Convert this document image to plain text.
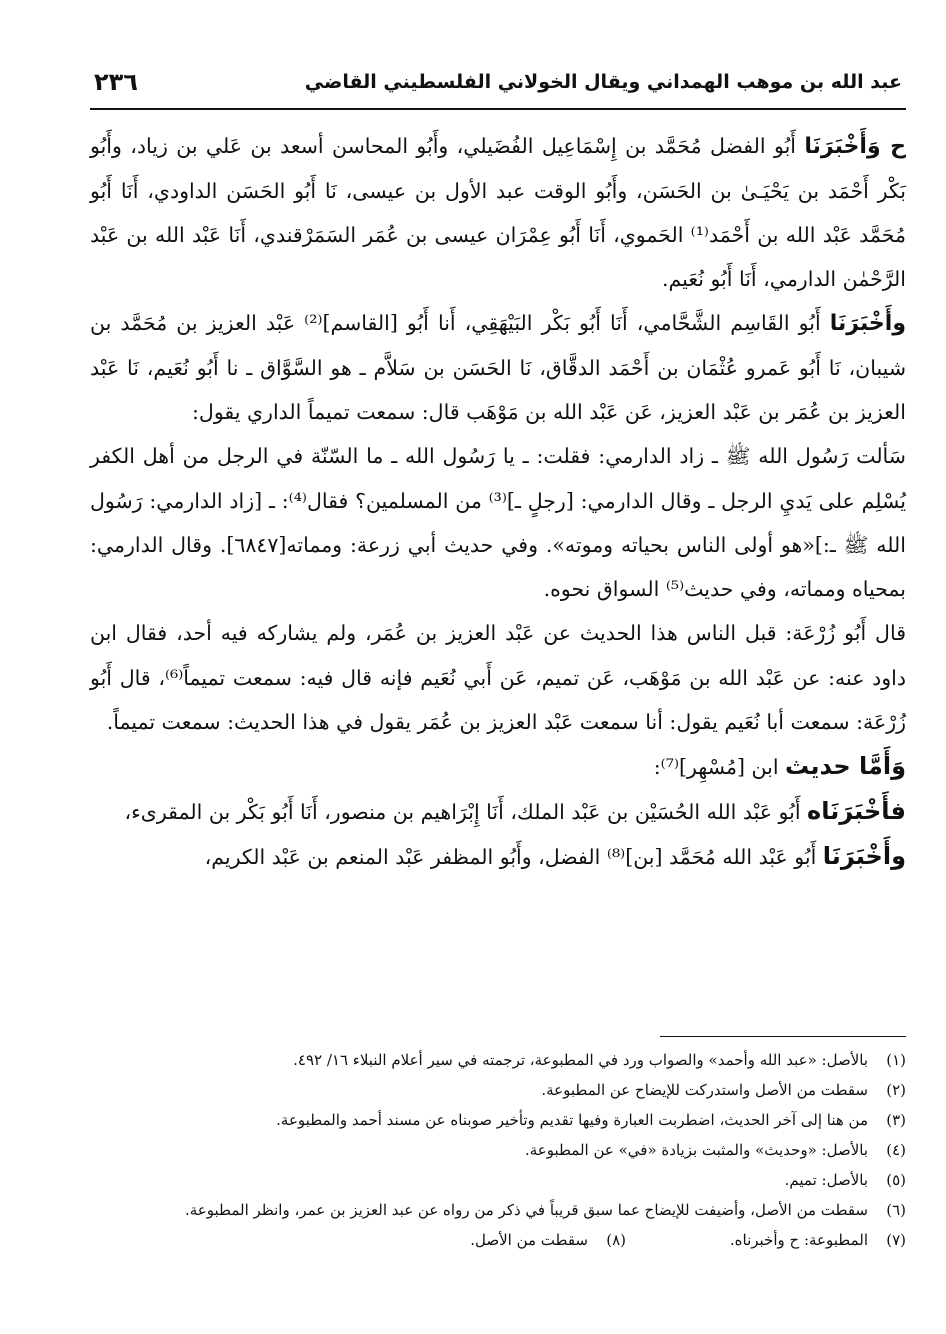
عبد الله بن موهب الهمداني ويقال الخولاني الفلسطيني القاضي
٢٣٦

ح وَأَخْبَرَنَا أَبُو الفضل مُحَمَّد بن إِسْمَاعِيل الفُضَيلي، وأَبُو المحاسن أسعد بن عَلي بن زياد، وأَبُو بَكْر أَحْمَد بن يَحْيَـىٰ بن الحَسَن، وأَبُو الوقت عبد الأول بن عيسى، نَا أَبُو الحَسَن الداودي، أَنَا أَبُو مُحَمَّد عَبْد الله بن أَحْمَد⁽¹⁾ الحَموي، أَنَا أَبُو عِمْرَان عيسى بن عُمَر السَمَرْقندي، أَنَا عَبْد الله بن عَبْد الرَّحْمٰن الدارمي، أَنَا أَبُو نُعَيم.

وأَخْبَرَنَا أَبُو القَاسِم الشَّحَّامي، أَنَا أَبُو بَكْر البَيْهَقِي، أَنا أَبُو [القاسم]⁽²⁾ عَبْد العزيز بن مُحَمَّد بن شيبان، نَا أَبُو عَمرو عُثْمَان بن أَحْمَد الدقَّاق، نَا الحَسَن بن سَلاَّم ـ هو السَّوَّاق ـ نا أَبُو نُعَيم، نَا عَبْد العزيز بن عُمَر بن عَبْد العزيز، عَن عَبْد الله بن مَوْهَب قال: سمعت تميماً الداري يقول:

سَألت رَسُول الله ﷺ ـ زاد الدارمي: فقلت: ـ يا رَسُول الله ـ ما السّنّة في الرجل من أهل الكفر يُسْلِم على يَديِ الرجل ـ وقال الدارمي: [رجلٍ ـ]⁽³⁾ من المسلمين؟ فقال⁽⁴⁾: ـ [زاد الدارمي: رَسُول الله ﷺ ـ:]«هو أولى الناس بحياته وموته». وفي حديث أبي زرعة: ومماته[٦٨٤٧]. وقال الدارمي: بمحياه ومماته، وفي حديث⁽⁵⁾ السواق نحوه.

قال أَبُو زُرْعَة: قبل الناس هذا الحديث عن عَبْد العزيز بن عُمَر، ولم يشاركه فيه أحد، فقال ابن داود عنه: عن عَبْد الله بن مَوْهَب، عَن تميم، عَن أَبي نُعَيم فإنه قال فيه: سمعت تميماً⁽⁶⁾، قال أَبُو زُرْعَة: سمعت أبا نُعَيم يقول: أنا سمعت عَبْد العزيز بن عُمَر يقول في هذا الحديث: سمعت تميماً.

وَأَمَّا حديث ابن [مُسْهِر]⁽⁷⁾:

فأَخْبَرَنَاه أَبُو عَبْد الله الحُسَيْن بن عَبْد الملك، أَنَا إِبْرَاهيم بن منصور، أَنَا أَبُو بَكْر بن المقرىء،

وأَخْبَرَنَا أَبُو عَبْد الله مُحَمَّد [بن]⁽⁸⁾ الفضل، وأَبُو المظفر عَبْد المنعم بن عَبْد الكريم،

(١)
بالأصل: «عبد الله وأحمد» والصواب ورد في المطبوعة، ترجمته في سير أعلام النبلاء ١٦/ ٤٩٢.
(٢)
سقطت من الأصل واستدركت للإيضاح عن المطبوعة.
(٣)
من هنا إلى آخر الحديث، اضطربت العبارة وفيها تقديم وتأخير صوبناه عن مسند أحمد والمطبوعة.
(٤)
بالأصل: «وحديث» والمثبت بزيادة «في» عن المطبوعة.
(٥)
بالأصل: تميم.
(٦)
سقطت من الأصل، وأضيفت للإيضاح عما سبق قريباً في ذكر من رواه عن عبد العزيز بن عمر، وانظر المطبوعة.
(٧)
المطبوعة: ح وأخبرناه.
(٨)
سقطت من الأصل.
